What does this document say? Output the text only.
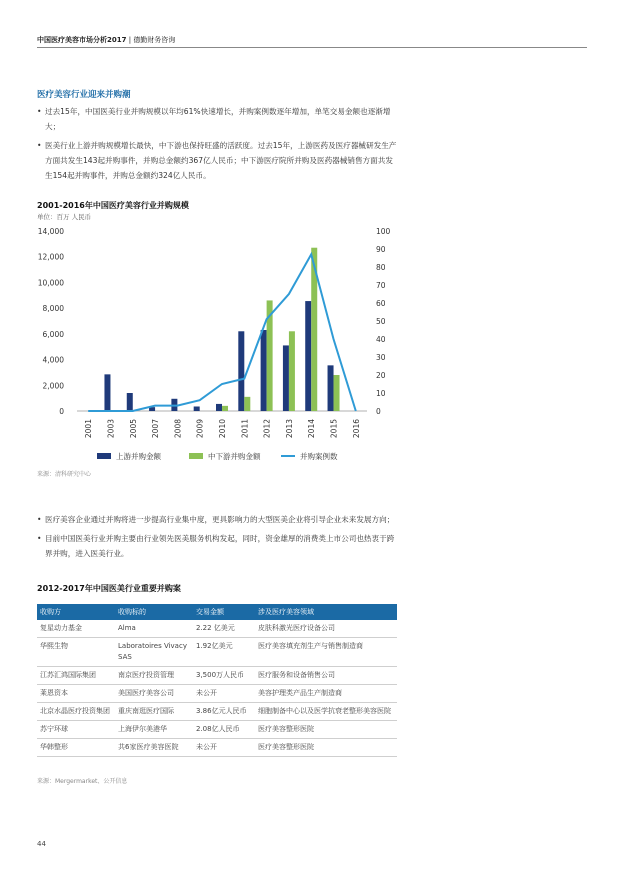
中国医疗美容市场分析2017 | 德勤财务咨询
医疗美容行业迎来并购潮
• 过去15年，中国医美行业并购规模以年均61%快速增长，并购案例数逐年增加，单笔交易金额也逐渐增大；
• 医美行业上游并购规模增长最快，中下游也保持旺盛的活跃度。过去15年，上游医药及医疗器械研发生产方面共发生143起并购事件，并购总金额约367亿人民币；中下游医疗院所并购及医药器械销售方面共发生154起并购事件，并购总金额约324亿人民币。
2001-2016年中国医疗美容行业并购规模
单位：百万 人民币
0
2,000
4,000
6,000
8,000
10,000
12,000
14,000
0
10
20
30
40
50
60
70
80
90
100
2001 2003 2005 2007 2008 2009 2010 2011 2012 2013 2014 2015 2016
上游并购金额	中下游并购金额	并购案例数
来源：清科研究中心
• 医疗美容企业通过并购将进一步提高行业集中度，更具影响力的大型医美企业将引导企业未来发展方向；
• 目前中国医美行业并购主要由行业领先医美服务机构发起，同时，资金雄厚的消费类上市公司也热衷于跨界并购，进入医美行业。
2012-2017年中国医美行业重要并购案
收购方	收购标的	交易金额	涉及医疗美容领域
复星动力基金	Alma	2.22 亿美元	皮肤科激光医疗设备公司
华熙生物	Laboratoires Vivacy SAS	1.92亿美元	医疗美容填充剂生产与销售制造商
江苏汇鸿国际集团	南京医疗投资管理	3,500万人民币	医疗服务和设备销售公司
莱恩资本	美国医疗美容公司	未公开	美容护理类产品生产制造商
北京水晶医疗投资集团	重庆南逛医疗国际	3.86亿元人民币	细胞制备中心以及医学抗衰老整形美容医院
苏宁环球	上海伊尔美港华	2.08亿人民币	医疗美容整形医院
华韩整形	共6家医疗美容医院	未公开	医疗美容整形医院
来源：Mergermarket、公开信息
44
